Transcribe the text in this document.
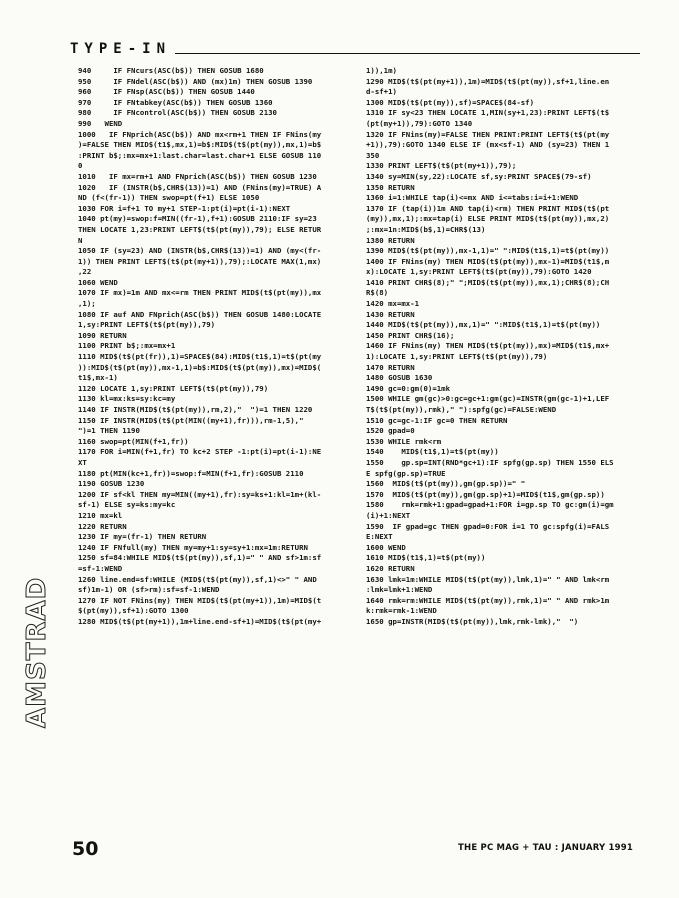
TYPE-IN
AMSTRAD
940     IF FNcurs(ASC(b$)) THEN GOSUB 1680
950     IF FNdel(ASC(b$)) AND (mx)1m) THEN GOSUB 1390
960     IF FNsp(ASC(b$)) THEN GOSUB 1440
970     IF FNtabkey(ASC(b$)) THEN GOSUB 1360
980     IF FNcontrol(ASC(b$)) THEN GOSUB 2130
990   WEND
1000   IF FNprich(ASC(b$)) AND mx<rm+1 THEN IF FNins(my
)=FALSE THEN MID$(t1$,mx,1)=b$:MID$(t$(pt(my)),mx,1)=b$
:PRINT b$;:mx=mx+1:last.char=last.char+1 ELSE GOSUB 110
0
1010   IF mx=rm+1 AND FNprich(ASC(b$)) THEN GOSUB 1230
1020   IF (INSTR(b$,CHR$(13))=1) AND (FNins(my)=TRUE) A
ND (f<(fr-1)) THEN swop=pt(f+1) ELSE 1050
1030 FOR i=f+1 TO my+1 STEP-1:pt(i)=pt(i-1):NEXT
1040 pt(my)=swop:f=MIN((fr-1),f+1):GOSUB 2110:IF sy=23
THEN LOCATE 1,23:PRINT LEFT$(t$(pt(my)),79); ELSE RETUR
N
1050 IF (sy=23) AND (INSTR(b$,CHR$(13))=1) AND (my<(fr-
1)) THEN PRINT LEFT$(t$(pt(my+1)),79);:LOCATE MAX(1,mx)
,22
1060 WEND
1070 IF mx)=1m AND mx<=rm THEN PRINT MID$(t$(pt(my)),mx
,1);
1080 IF auf AND FNprich(ASC(b$)) THEN GOSUB 1480:LOCATE
1,sy:PRINT LEFT$(t$(pt(my)),79)
1090 RETURN
1100 PRINT b$;:mx=mx+1
1110 MID$(t$(pt(fr)),1)=SPACE$(84):MID$(t1$,1)=t$(pt(my
)):MID$(t$(pt(my)),mx-1,1)=b$:MID$(t$(pt(my)),mx)=MID$(
t1$,mx-1)
1120 LOCATE 1,sy:PRINT LEFT$(t$(pt(my)),79)
1130 kl=mx:ks=sy:kc=my
1140 IF INSTR(MID$(t$(pt(my)),rm,2),"  ")=1 THEN 1220
1150 IF INSTR(MID$(t$(pt(MIN((my+1),fr))),rm-1,5),"
")=1 THEN 1190
1160 swop=pt(MIN(f+1,fr))
1170 FOR i=MIN(f+1,fr) TO kc+2 STEP -1:pt(i)=pt(i-1):NE
XT
1180 pt(MIN(kc+1,fr))=swop:f=MIN(f+1,fr):GOSUB 2110
1190 GOSUB 1230
1200 IF sf<kl THEN my=MIN((my+1),fr):sy=ks+1:kl=1m+(kl-
sf-1) ELSE sy=ks:my=kc
1210 mx=kl
1220 RETURN
1230 IF my=(fr-1) THEN RETURN
1240 IF FNfull(my) THEN my=my+1:sy=sy+1:mx=1m:RETURN
1250 sf=84:WHILE MID$(t$(pt(my)),sf,1)=" " AND sf>1m:sf
=sf-1:WEND
1260 line.end=sf:WHILE (MID$(t$(pt(my)),sf,1)<>" " AND
sf)1m-1) OR (sf>rm):sf=sf-1:WEND
1270 IF NOT FNins(my) THEN MID$(t$(pt(my+1)),1m)=MID$(t
$(pt(my)),sf+1):GOTO 1300
1280 MID$(t$(pt(my+1)),1m+line.end-sf+1)=MID$(t$(pt(my+
1)),1m)
1290 MID$(t$(pt(my+1)),1m)=MID$(t$(pt(my)),sf+1,line.en
d-sf+1)
1300 MID$(t$(pt(my)),sf)=SPACE$(84-sf)
1310 IF sy<23 THEN LOCATE 1,MIN(sy+1,23):PRINT LEFT$(t$
(pt(my+1)),79):GOTO 1340
1320 IF FNins(my)=FALSE THEN PRINT:PRINT LEFT$(t$(pt(my
+1)),79):GOTO 1340 ELSE IF (mx<sf-1) AND (sy=23) THEN 1
350
1330 PRINT LEFT$(t$(pt(my+1)),79);
1340 sy=MIN(sy,22):LOCATE sf,sy:PRINT SPACE$(79-sf)
1350 RETURN
1360 i=1:WHILE tap(i)<=mx AND i<=tabs:i=i+1:WEND
1370 IF (tap(i))1m AND tap(i)<rm) THEN PRINT MID$(t$(pt
(my)),mx,1);:mx=tap(i) ELSE PRINT MID$(t$(pt(my)),mx,2)
;:mx=1n:MID$(b$,1)=CHR$(13)
1380 RETURN
1390 MID$(t$(pt(my)),mx-1,1)=" ":MID$(t1$,1)=t$(pt(my))
1400 IF FNins(my) THEN MID$(t$(pt(my)),mx-1)=MID$(t1$,m
x):LOCATE 1,sy:PRINT LEFT$(t$(pt(my)),79):GOTO 1420
1410 PRINT CHR$(8);" ";MID$(t$(pt(my)),mx,1);CHR$(8);CH
R$(8)
1420 mx=mx-1
1430 RETURN
1440 MID$(t$(pt(my)),mx,1)=" ":MID$(t1$,1)=t$(pt(my))
1450 PRINT CHR$(16);
1460 IF FNins(my) THEN MID$(t$(pt(my)),mx)=MID$(t1$,mx+
1):LOCATE 1,sy:PRINT LEFT$(t$(pt(my)),79)
1470 RETURN
1480 GOSUB 1630
1490 gc=0:gm(0)=1mk
1500 WHILE gm(gc)>0:gc=gc+1:gm(gc)=INSTR(gm(gc-1)+1,LEF
T$(t$(pt(my)),rmk)," "):spfg(gc)=FALSE:WEND
1510 gc=gc-1:IF gc=0 THEN RETURN
1520 gpad=0
1530 WHILE rmk<rm
1540    MID$(t1$,1)=t$(pt(my))
1550    gp.sp=INT(RND*gc+1):IF spfg(gp.sp) THEN 1550 ELS
E spfg(gp.sp)=TRUE
1560  MID$(t$(pt(my)),gm(gp.sp))=" "
1570  MID$(t$(pt(my)),gm(gp.sp)+1)=MID$(t1$,gm(gp.sp))
1580    rmk=rmk+1:gpad=gpad+1:FOR i=gp.sp TO gc:gm(i)=gm
(i)+1:NEXT
1590  IF gpad=gc THEN gpad=0:FOR i=1 TO gc:spfg(i)=FALS
E:NEXT
1600 WEND
1610 MID$(t1$,1)=t$(pt(my))
1620 RETURN
1630 lmk=1m:WHILE MID$(t$(pt(my)),lmk,1)=" " AND lmk<rm
:lmk=lmk+1:WEND
1640 rmk=rm:WHILE MID$(t$(pt(my)),rmk,1)=" " AND rmk>1m
k:rmk=rmk-1:WEND
1650 gp=INSTR(MID$(t$(pt(my)),lmk,rmk-lmk),"  ")
50	THE PC MAG + TAU : JANUARY 1991
